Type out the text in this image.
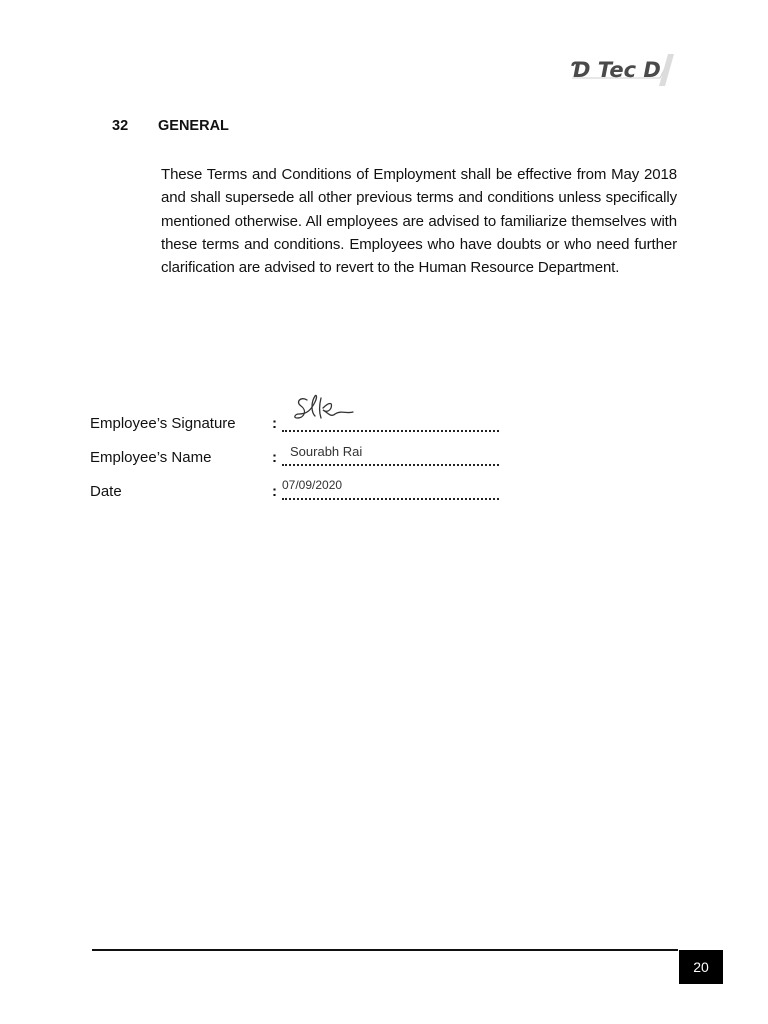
Ɗ Tec D
32 GENERAL
These Terms and Conditions of Employment shall be effective from May 2018 and shall supersede all other previous terms and conditions unless specifically mentioned otherwise. All employees are advised to familiarize themselves with these terms and conditions. Employees who have doubts or who need further clarification are advised to revert to the Human Resource Department.
Employee’s Signature :
Employee’s Name	: Sourabh Rai
Date	: 07/09/2020
20
